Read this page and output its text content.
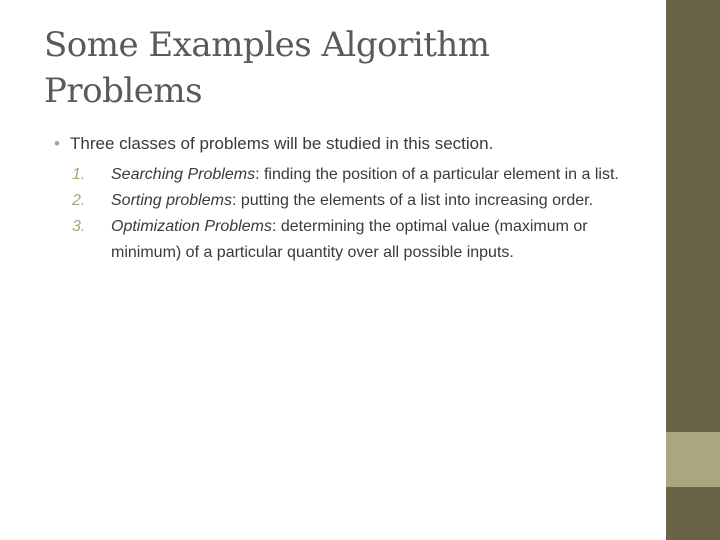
Some Examples Algorithm
Problems
• Three classes of problems will be studied in this section.
1. Searching Problems: finding the position of a particular element in a list.
2. Sorting problems: putting the elements of a list into increasing order.
3. Optimization Problems: determining the optimal value (maximum or minimum) of a particular quantity over all possible inputs.
